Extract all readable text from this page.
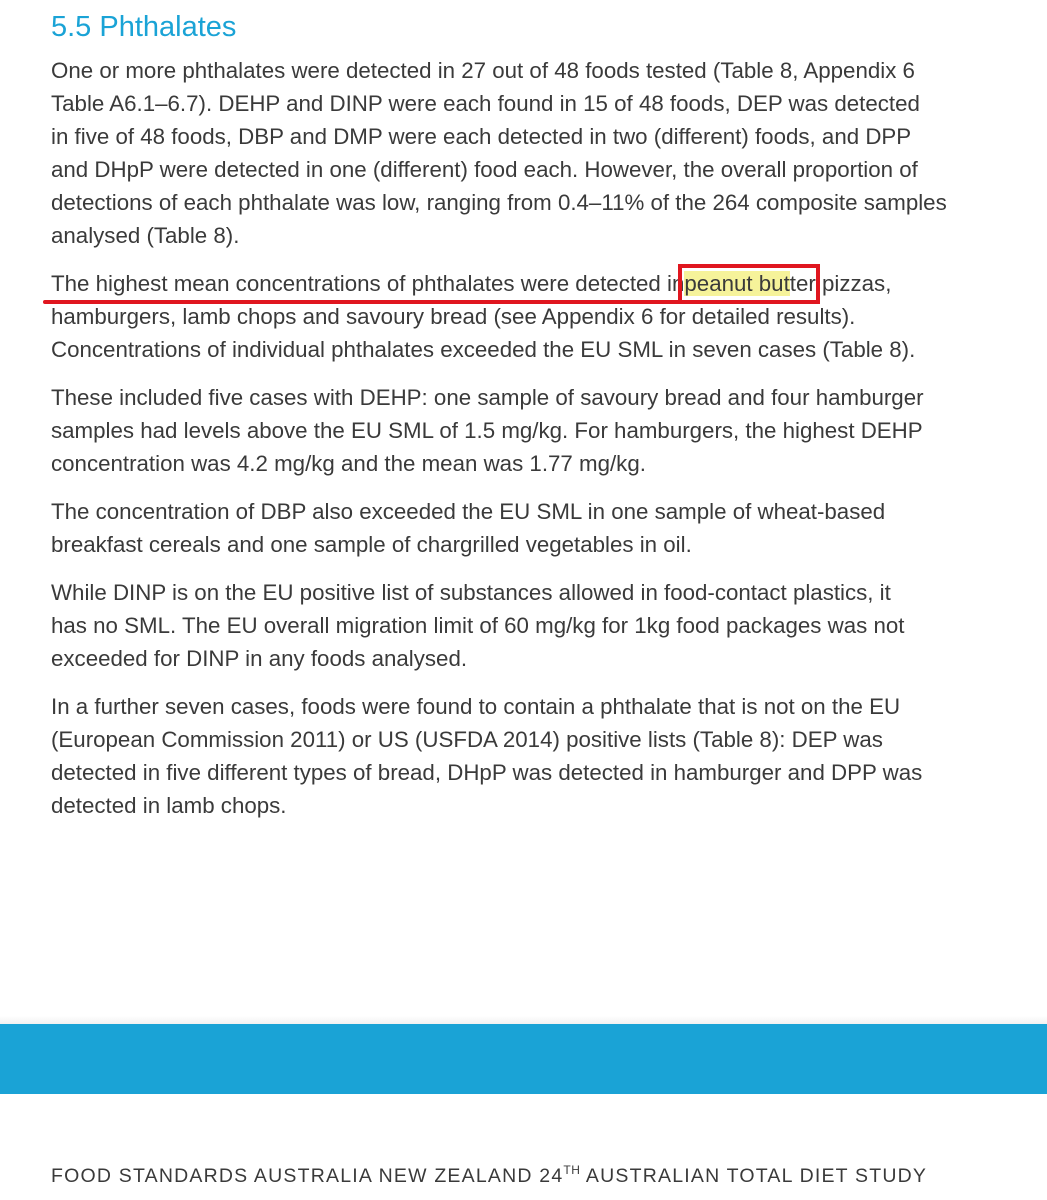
5.5 Phthalates

One or more phthalates were detected in 27 out of 48 foods tested (Table 8, Appendix 6
Table A6.1–6.7). DEHP and DINP were each found in 15 of 48 foods, DEP was detected
in five of 48 foods, DBP and DMP were each detected in two (different) foods, and DPP
and DHpP were detected in one (different) food each. However, the overall proportion of
detections of each phthalate was low, ranging from 0.4–11% of the 264 composite samples
analysed (Table 8).

The highest mean concentrations of phthalates were detected in
peanut butter
pizzas,
hamburgers, lamb chops and savoury bread (see Appendix 6 for detailed results).
Concentrations of individual phthalates exceeded the EU SML in seven cases (Table 8).

These included five cases with DEHP: one sample of savoury bread and four hamburger
samples had levels above the EU SML of 1.5 mg/kg. For hamburgers, the highest DEHP
concentration was 4.2 mg/kg and the mean was 1.77 mg/kg.

The concentration of DBP also exceeded the EU SML in one sample of wheat-based
breakfast cereals and one sample of chargrilled vegetables in oil.

While DINP is on the EU positive list of substances allowed in food-contact plastics, it
has no SML. The EU overall migration limit of 60 mg/kg for 1kg food packages was not
exceeded for DINP in any foods analysed.

In a further seven cases, foods were found to contain a phthalate that is not on the EU
(European Commission 2011) or US (USFDA 2014) positive lists (Table 8): DEP was
detected in five different types of bread, DHpP was detected in hamburger and DPP was
detected in lamb chops.

FOOD STANDARDS AUSTRALIA NEW ZEALAND 24TH AUSTRALIAN TOTAL DIET STUDY
